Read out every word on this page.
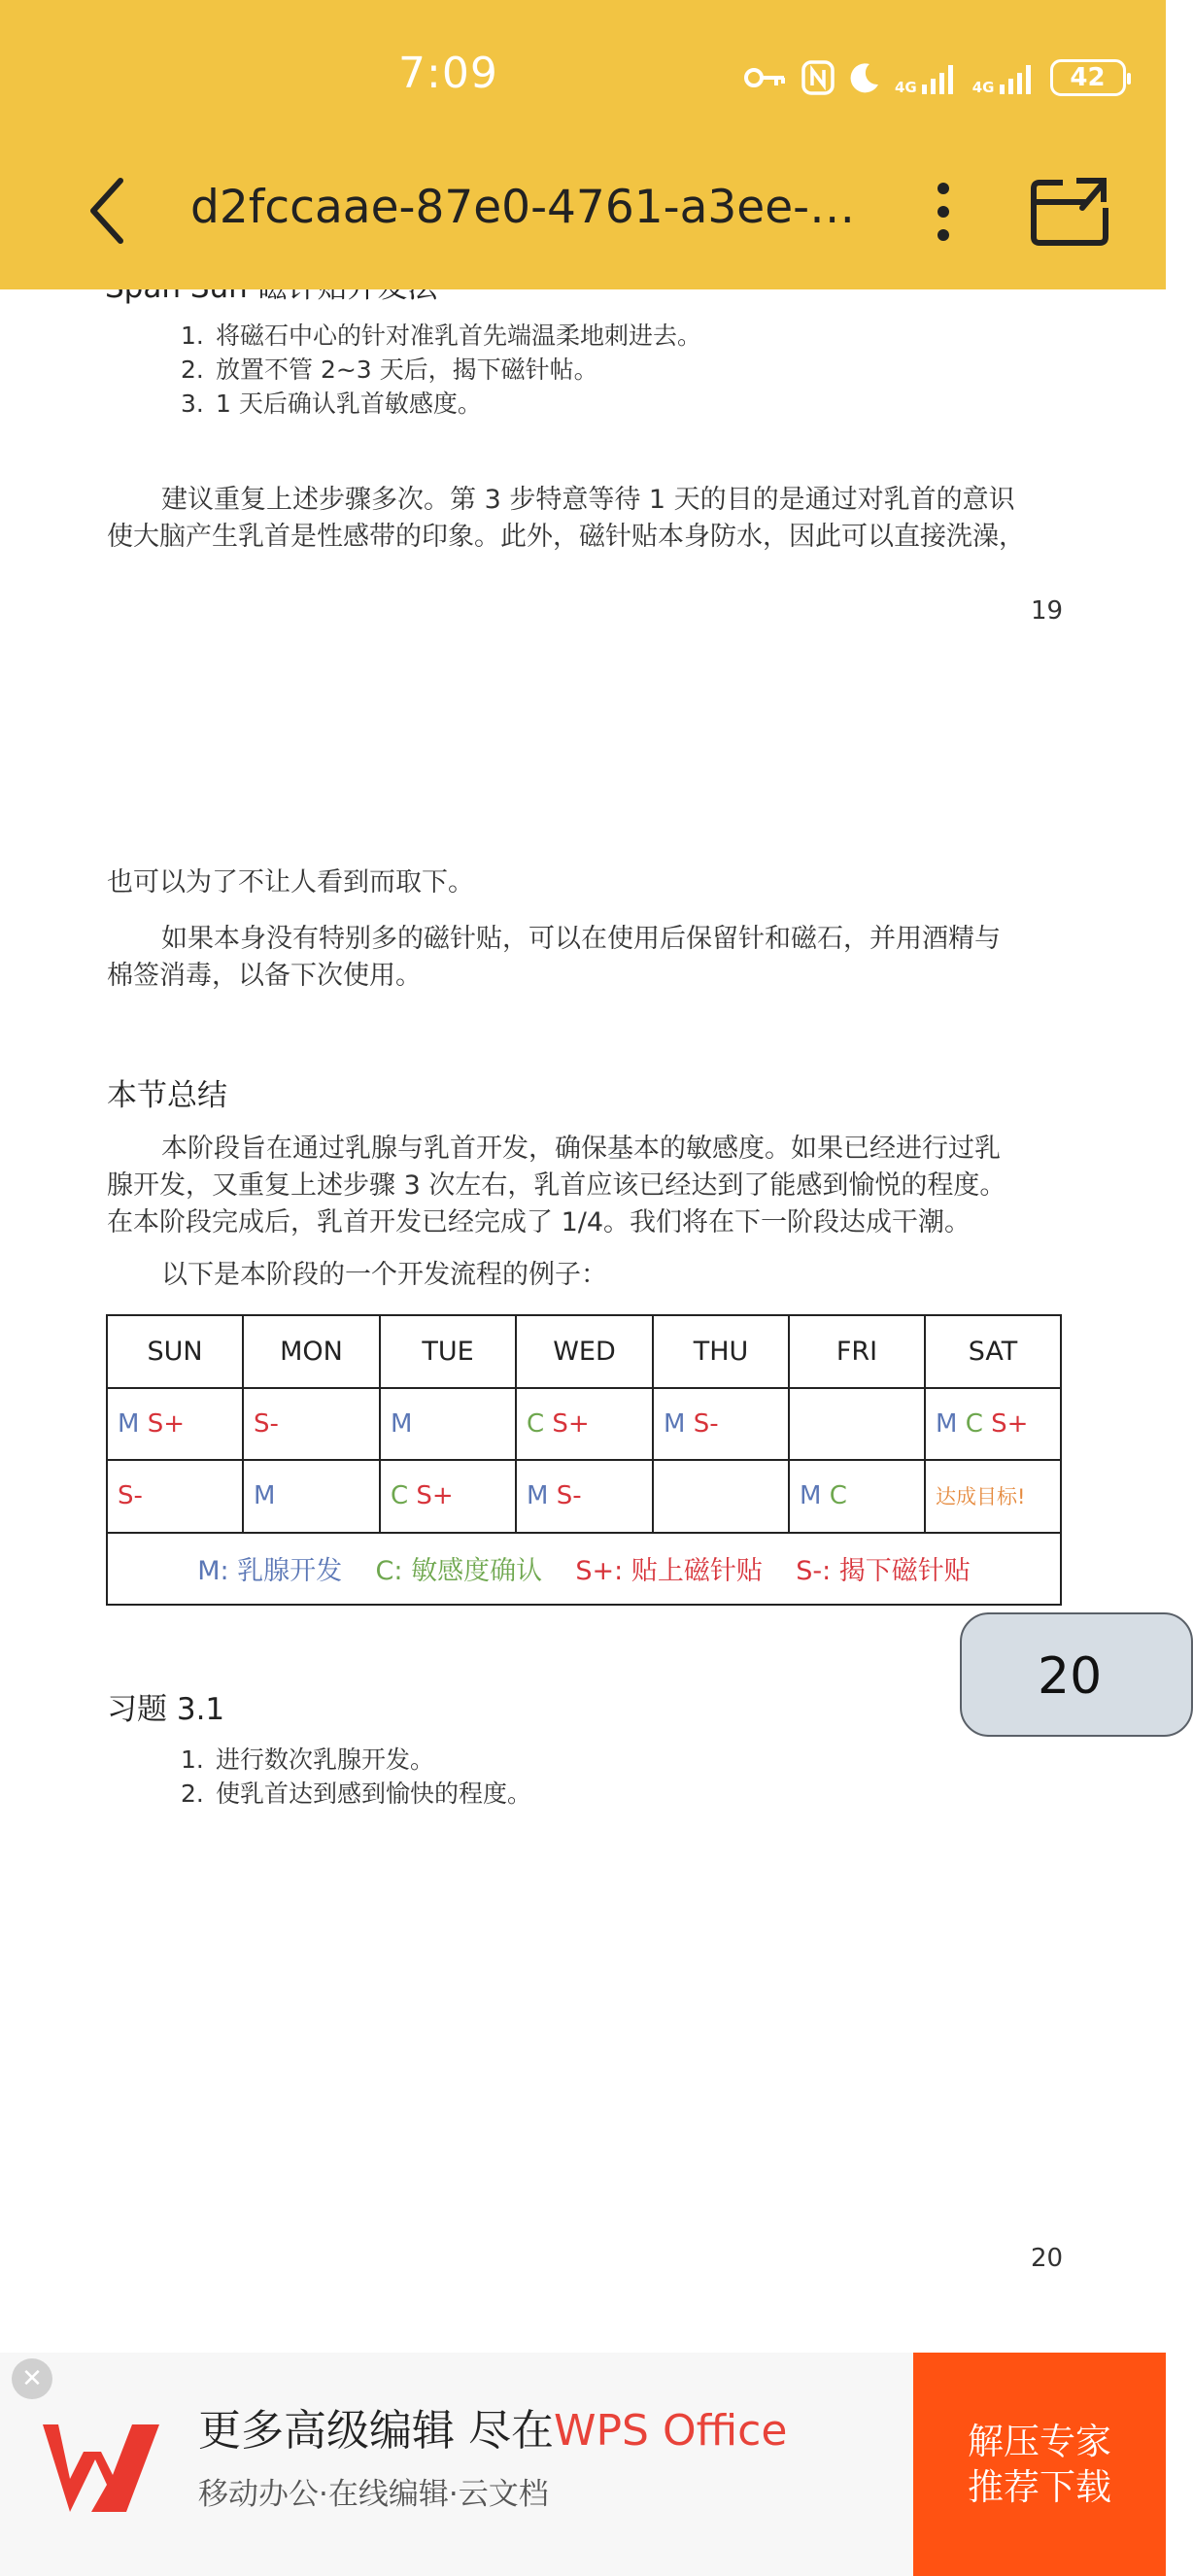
7:09	4G	4G	42
d2fccaae-87e0-4761-a3ee-…
1. 将磁石中心的针对准乳首先端温柔地刺进去。
2. 放置不管 2~3 天后，揭下磁针帖。
3. 1 天后确认乳首敏感度。
建议重复上述步骤多次。第 3 步特意等待 1 天的目的是通过对乳首的意识
使大脑产生乳首是性感带的印象。此外，磁针贴本身防水，因此可以直接洗澡，
19
也可以为了不让人看到而取下。
如果本身没有特别多的磁针贴，可以在使用后保留针和磁石，并用酒精与
棉签消毒，以备下次使用。
本节总结
本阶段旨在通过乳腺与乳首开发，确保基本的敏感度。如果已经进行过乳
腺开发，又重复上述步骤 3 次左右，乳首应该已经达到了能感到愉悦的程度。
在本阶段完成后，乳首开发已经完成了 1/4。我们将在下一阶段达成干潮。
以下是本阶段的一个开发流程的例子：
SUN	MON	TUE	WED	THU	FRI	SAT
M S+	S-	M	C S+	M S-		M C S+
S-	M	C S+	M S-		M C	达成目标!
M: 乳腺开发 C: 敏感度确认 S+: 贴上磁针贴 S-: 揭下磁针贴						
习题 3.1
1. 进行数次乳腺开发。
2. 使乳首达到感到愉快的程度。
20
20
✕
更多高级编辑 尽在WPS Office
移动办公·在线编辑·云文档
解压专家
推荐下载
